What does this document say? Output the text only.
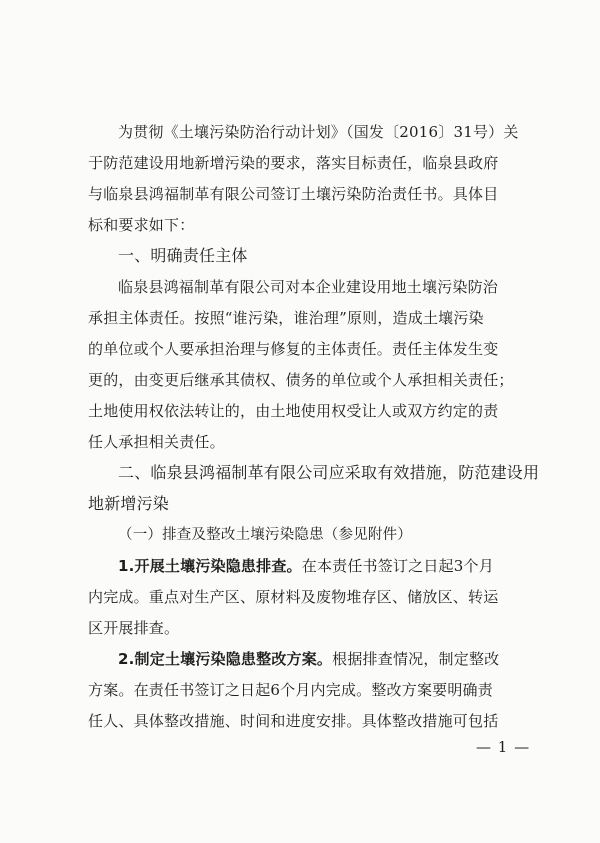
为贯彻《土壤污染防治行动计划》（国发〔2016〕31号）关
于防范建设用地新增污染的要求，落实目标责任，临泉县政府
与临泉县鸿福制革有限公司签订土壤污染防治责任书。具体目
标和要求如下：
一、明确责任主体
临泉县鸿福制革有限公司对本企业建设用地土壤污染防治
承担主体责任。按照“谁污染，谁治理”原则，造成土壤污染
的单位或个人要承担治理与修复的主体责任。责任主体发生变
更的，由变更后继承其债权、债务的单位或个人承担相关责任；
土地使用权依法转让的，由土地使用权受让人或双方约定的责
任人承担相关责任。
二、临泉县鸿福制革有限公司应采取有效措施，防范建设用
地新增污染
（一）排查及整改土壤污染隐患（参见附件）
1.开展土壤污染隐患排查。在本责任书签订之日起3个月
内完成。重点对生产区、原材料及废物堆存区、储放区、转运
区开展排查。
2.制定土壤污染隐患整改方案。根据排查情况，制定整改
方案。在责任书签订之日起6个月内完成。整改方案要明确责
任人、具体整改措施、时间和进度安排。具体整改措施可包括
— 1 —
